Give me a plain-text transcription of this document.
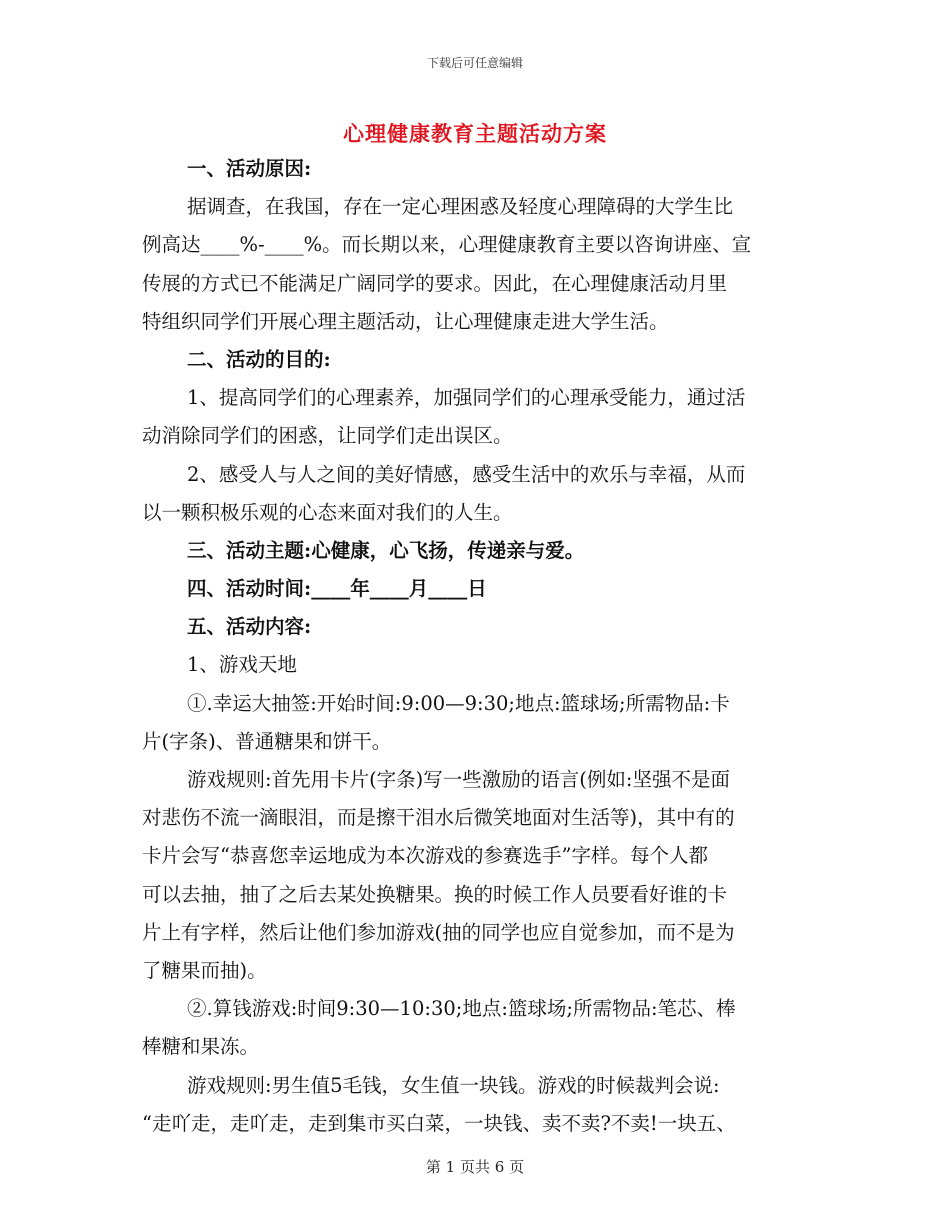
下载后可任意编辑
心理健康教育主题活动方案
一、活动原因:
据调查，在我国，存在一定心理困惑及轻度心理障碍的大学生比
例高达____%-____%。而长期以来，心理健康教育主要以咨询讲座、宣
传展的方式已不能满足广阔同学的要求。因此，在心理健康活动月里
特组织同学们开展心理主题活动，让心理健康走进大学生活。
二、活动的目的:
1、提高同学们的心理素养，加强同学们的心理承受能力，通过活
动消除同学们的困惑，让同学们走出误区。
2、感受人与人之间的美好情感，感受生活中的欢乐与幸福，从而
以一颗积极乐观的心态来面对我们的人生。
三、活动主题:心健康，心飞扬，传递亲与爱。
四、活动时间:____年____月____日
五、活动内容:
1、游戏天地
①.幸运大抽签:开始时间:9:00—9:30;地点:篮球场;所需物品:卡
片(字条)、普通糖果和饼干。
游戏规则:首先用卡片(字条)写一些激励的语言(例如:坚强不是面
对悲伤不流一滴眼泪，而是擦干泪水后微笑地面对生活等)，其中有的
卡片会写“恭喜您幸运地成为本次游戏的参赛选手”字样。每个人都
可以去抽，抽了之后去某处换糖果。换的时候工作人员要看好谁的卡
片上有字样，然后让他们参加游戏(抽的同学也应自觉参加，而不是为
了糖果而抽)。
②.算钱游戏:时间9:30—10:30;地点:篮球场;所需物品:笔芯、棒
棒糖和果冻。
游戏规则:男生值5毛钱，女生值一块钱。游戏的时候裁判会说:
“走吖走，走吖走，走到集市买白菜，一块钱、卖不卖?不卖!一块五、
第 1 页共 6 页
